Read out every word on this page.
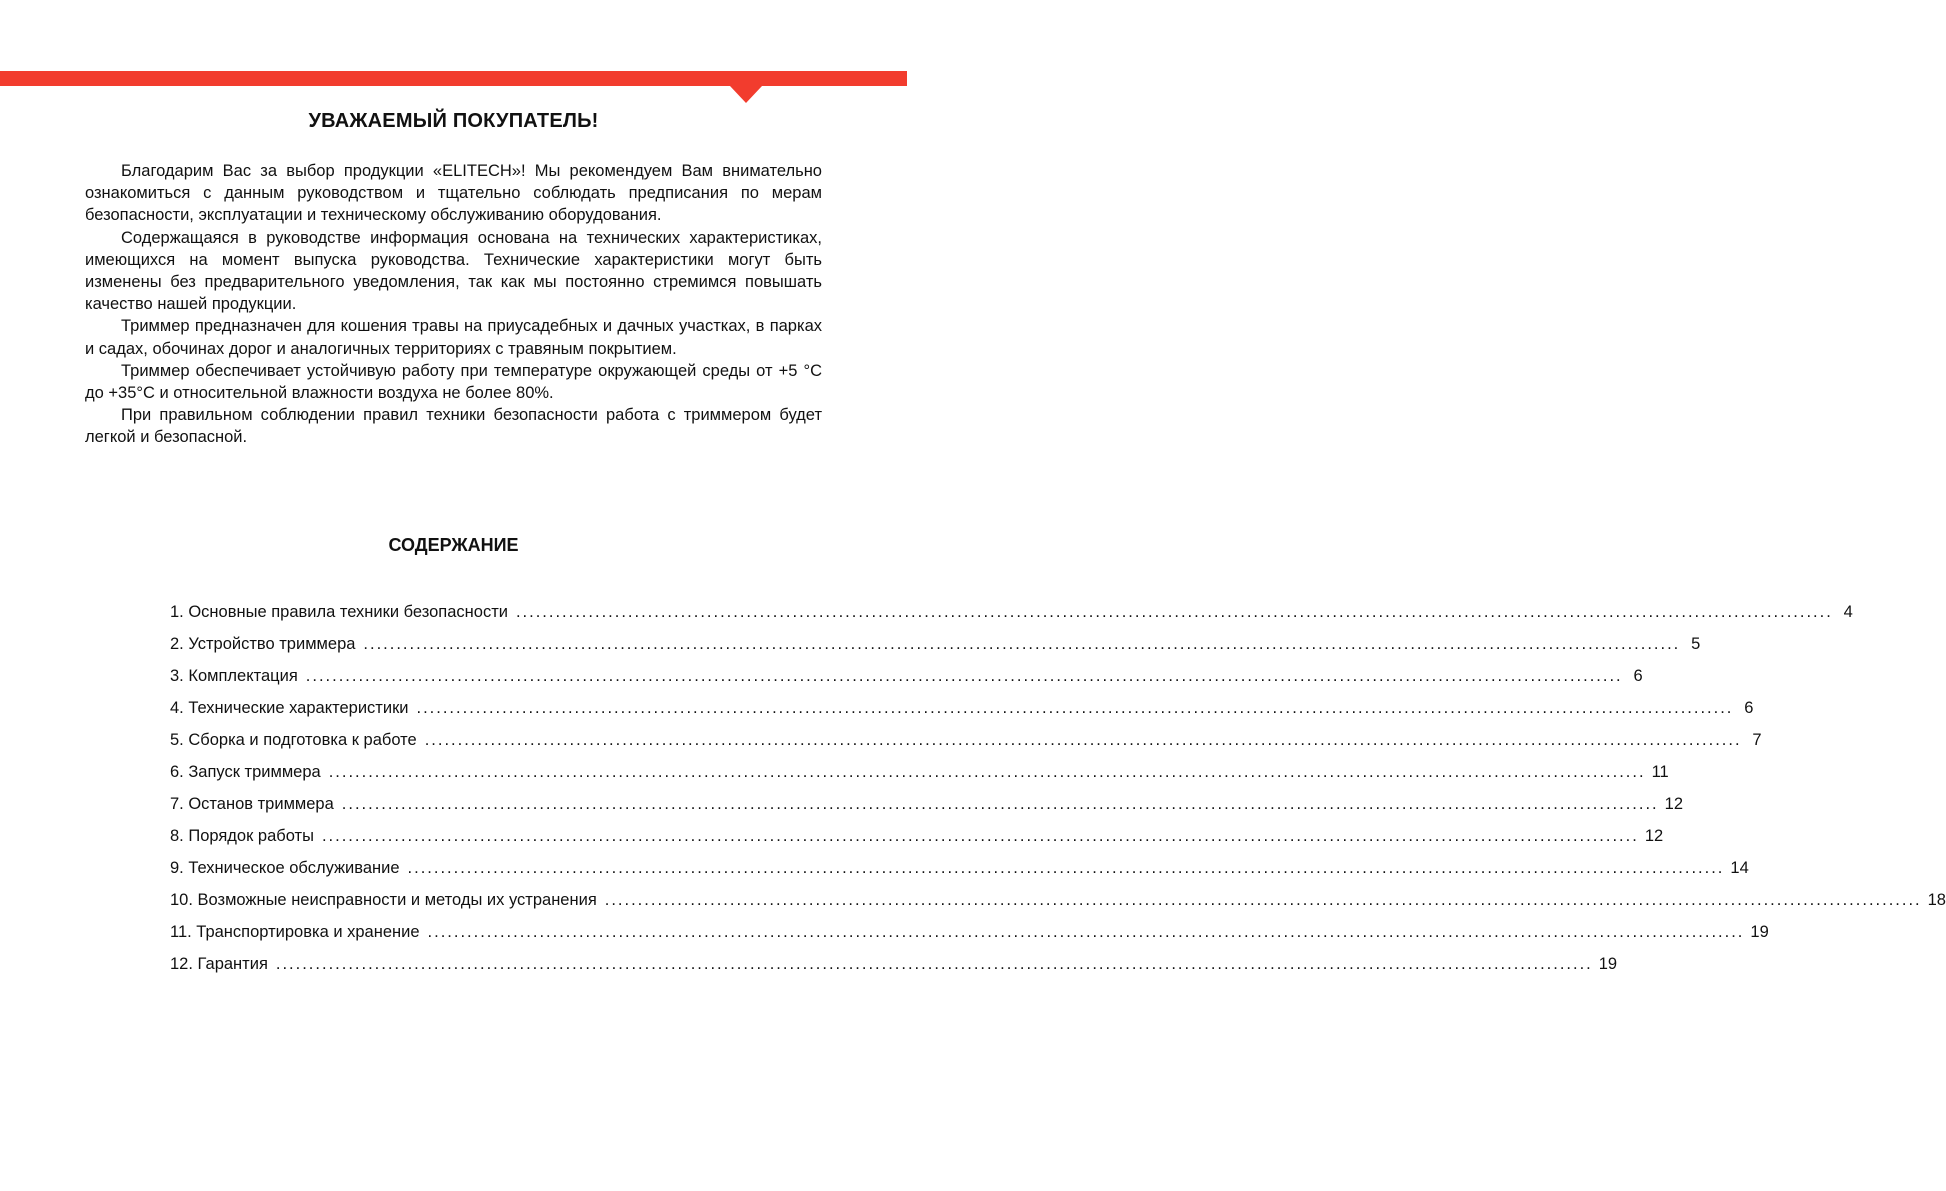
УВАЖАЕМЫЙ ПОКУПАТЕЛЬ!

Благодарим Вас за выбор продукции «ELITECH»! Мы рекомендуем Вам внимательно ознакомиться с данным руководством и тщательно соблюдать предписания по мерам безопасности, эксплуатации и техническому обслуживанию оборудования.

Содержащаяся в руководстве информация основана на технических характеристиках, имеющихся на момент выпуска руководства. Технические характеристики могут быть изменены без предварительного уведомления, так как мы постоянно стремимся повышать качество нашей продукции.

Триммер предназначен для кошения травы на приусадебных и дачных участках, в парках и садах, обочинах дорог и аналогичных территориях с травяным покрытием.

Триммер обеспечивает устойчивую работу при температуре окружающей среды от +5 °С до +35°С и относительной влажности воздуха не более 80%.

При правильном соблюдении правил техники безопасности работа с триммером будет легкой и безопасной.

СОДЕРЖАНИЕ
1. Основные правила техники безопасности ........................................................................................................................................................................................................ 4
2. Устройство триммера ........................................................................................................................................................................................................ 5
3. Комплектация ........................................................................................................................................................................................................ 6
4. Технические характеристики ........................................................................................................................................................................................................ 6
5. Сборка и подготовка к работе ........................................................................................................................................................................................................ 7
6. Запуск триммера ........................................................................................................................................................................................................ 11
7. Останов триммера ........................................................................................................................................................................................................ 12
8. Порядок работы ........................................................................................................................................................................................................ 12
9. Техническое обслуживание ........................................................................................................................................................................................................ 14
10. Возможные неисправности и методы их устранения ........................................................................................................................................................................................................ 18
11. Транспортировка и хранение ........................................................................................................................................................................................................ 19
12. Гарантия ........................................................................................................................................................................................................ 19
